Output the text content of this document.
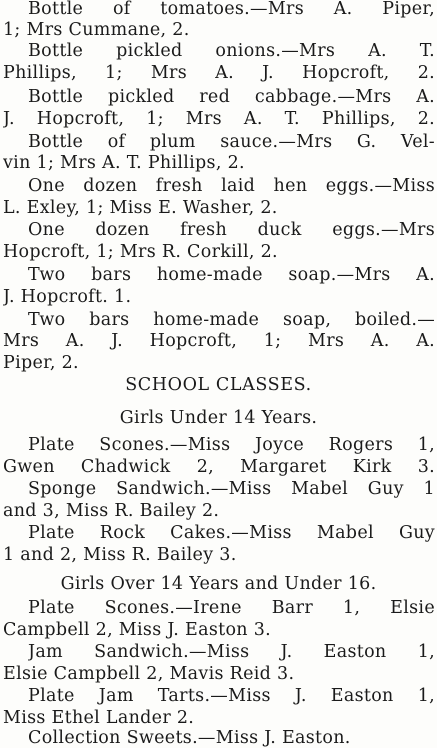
Bottle of tomatoes.—Mrs A. Piper,
1; Mrs Cummane, 2.
Bottle pickled onions.—Mrs A. T.
Phillips, 1; Mrs A. J. Hopcroft, 2.
Bottle pickled red cabbage.—Mrs A.
J. Hopcroft, 1; Mrs A. T. Phillips, 2.
Bottle of plum sauce.—Mrs G. Vel-
vin 1; Mrs A. T. Phillips, 2.
One dozen fresh laid hen eggs.—Miss
L. Exley, 1; Miss E. Washer, 2.
One dozen fresh duck eggs.—Mrs
Hopcroft, 1; Mrs R. Corkill, 2.
Two bars home-made soap.—Mrs A.
J. Hopcroft. 1.
Two bars home-made soap, boiled.—
Mrs A. J. Hopcroft, 1; Mrs A. A.
Piper, 2.
SCHOOL CLASSES.
Girls Under 14 Years.
Plate Scones.—Miss Joyce Rogers 1,
Gwen Chadwick 2, Margaret Kirk 3.
Sponge Sandwich.—Miss Mabel Guy 1
and 3, Miss R. Bailey 2.
Plate Rock Cakes.—Miss Mabel Guy
1 and 2, Miss R. Bailey 3.
Girls Over 14 Years and Under 16.
Plate Scones.—Irene Barr 1, Elsie
Campbell 2, Miss J. Easton 3.
Jam Sandwich.—Miss J. Easton 1,
Elsie Campbell 2, Mavis Reid 3.
Plate Jam Tarts.—Miss J. Easton 1,
Miss Ethel Lander 2.
Collection Sweets.—Miss J. Easton.
